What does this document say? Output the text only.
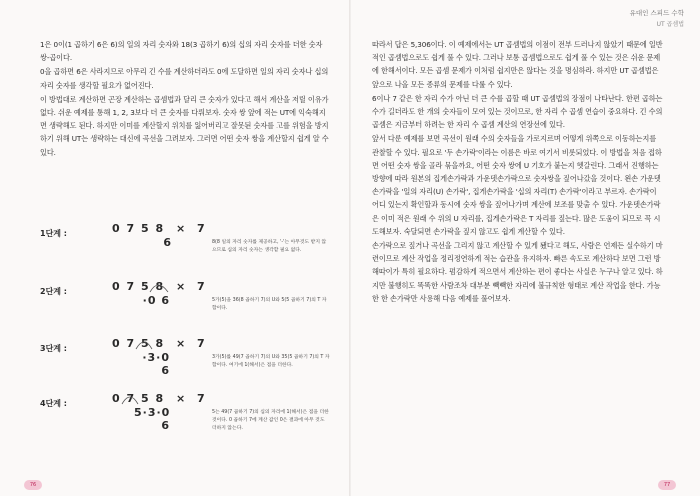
유대인 스피드 수학
UT 곱셈법

1은 0이(1 곱하기 6은 6)의 일의 자리 숫자와 18(3 곱하기 6)의 십의 자리 숫자를 더한 숫자 쌍-곱이다.

0을 곱하면 6은 사라지므로 아무리 긴 수를 계산하더라도 0에 도달하면 일의 자리 숫자나 십의 자리 숫자를 생각할 필요가 없어진다.

이 방법대로 계산하면 곤장 계산하는 곱셈법과 달리 큰 숫자가 있다고 해서 계산을 저릴 이유가 없다. 쉬운 예제를 통해 1, 2, 3보다 더 큰 숫자를 다뤄보자. 숫자 쌍 앞에 적는 UT에 익숙해지면 생략해도 된다. 하지만 이미를 계산할지 위치를 잃어버리고 잘못된 숫자를 고를 위험을 방지하기 위해 UT는 생략하는 대신에 곡선을 그려보자. 그러면 어떤 숫자 쌍을 계산할지 쉽게 알 수 있다.

1단계 :	0 7 5 8 × 7
6	8(8 일의 자리 숫자를 제공하고, '-'는 아무것도 받지 않으므로 십의 자리 숫자는 생각할 필요 없다.
2단계 :	0 7 5 8 × 7
·0 6	5가(5)을 36(8 곱하기 7)의 U와 5(5 곱하기 7)의 T 자 합이다.
3단계 :	0 7 5 8 × 7
·3·0 6
3가(5)를 49(7 곱하기 7)의 U와 35(5 곱하기 7)의 T 자 합이다. 여기에 1(해서)은 점을 더한다.
4단계 :	0 7 5 8 × 7
5·3·0 6
5는 49(7 곱하기 7)의 십의 자리에 1(해서)은 점을 더한 것이다. 0 곱하기 7에 계산 값인 0은 결과에 아무 것도 더하지 않는다.

따라서 답은 5,306이다. 이 예제에서는 UT 곱셈법의 이점이 전부 드러나지 않았기 때문에 일반적인 곱셈법으로도 쉽게 풀 수 있다. 그러나 보통 곱셈법으로도 쉽게 풀 수 있는 것은 쉬운 문제에 한해서이다. 모든 곱셈 문제가 이처럼 쉽지만은 않다는 것을 명심하라. 하지만 UT 곱셈법은 앞으로 나올 모든 종류의 문제를 다룰 수 있다.

6이나 7 같은 한 자리 수가 아닌 더 큰 수를 곱할 때 UT 곱셈법의 장점이 나타난다. 한편 곱하는 수가 길더라도 한 개의 숫자들이 모여 있는 것이므로, 한 자리 수 곱셈 연습이 중요하다. 긴 수의 곱셈은 지금부터 하려는 한 자리 수 곱셈 계산의 연장선에 있다.

앞서 다룬 예제를 보면 곡선이 원래 수의 숫자들을 가로지르며 어떻게 위쪽으로 이동하는지를 관찰할 수 있다. 필요로 '두 손가락'이라는 이름은 바로 여기서 비롯되었다. 이 방법을 처음 접하면 어떤 숫자 쌍을 골라 묶을까요, 어떤 숫자 쌍에 U 기호가 붙는지 헷갈린다. 그래서 진행하는 방향에 따라 원본의 집게손가락과 가운뎃손가락으로 숫자쌍을 짚어나갔을 것이다. 왼손 가운뎃손가락을 '일의 자리(U) 손가락', 집게손가락을 '십의 자리(T) 손가락'이라고 부르자. 손가락이 어디 있는지 확인할과 동시에 숫자 쌍을 짚어나가며 계산에 보조를 맞출 수 있다. 가운뎃손가락은 이미 적은 원래 수 위의 U 자리를, 집게손가락은 T 자리를 짚는다. 많은 도움이 되므로 꼭 시도해보자. 숙달되면 손가락을 짚지 않고도 쉽게 계산할 수 있다.

손가락으로 짚거나 곡선을 그리지 않고 계산할 수 있게 됐다고 해도, 사람은 언제든 실수하기 마련이므로 계산 작업을 정리정연하게 적는 습관을 유지하자. 빠른 속도로 계산하다 보면 그런 방해따이가 특히 필요하다. 펌감하게 적으면서 계산하는 편이 좋다는 사실은 누구나 알고 있다. 하지만 불행히도 똑똑한 사람조차 대부분 빽빽한 자리에 불규칙한 형태로 계산 작업을 한다. 가능한 한 손가락만 사용해 다음 예제를 풀어보자.

76	77
